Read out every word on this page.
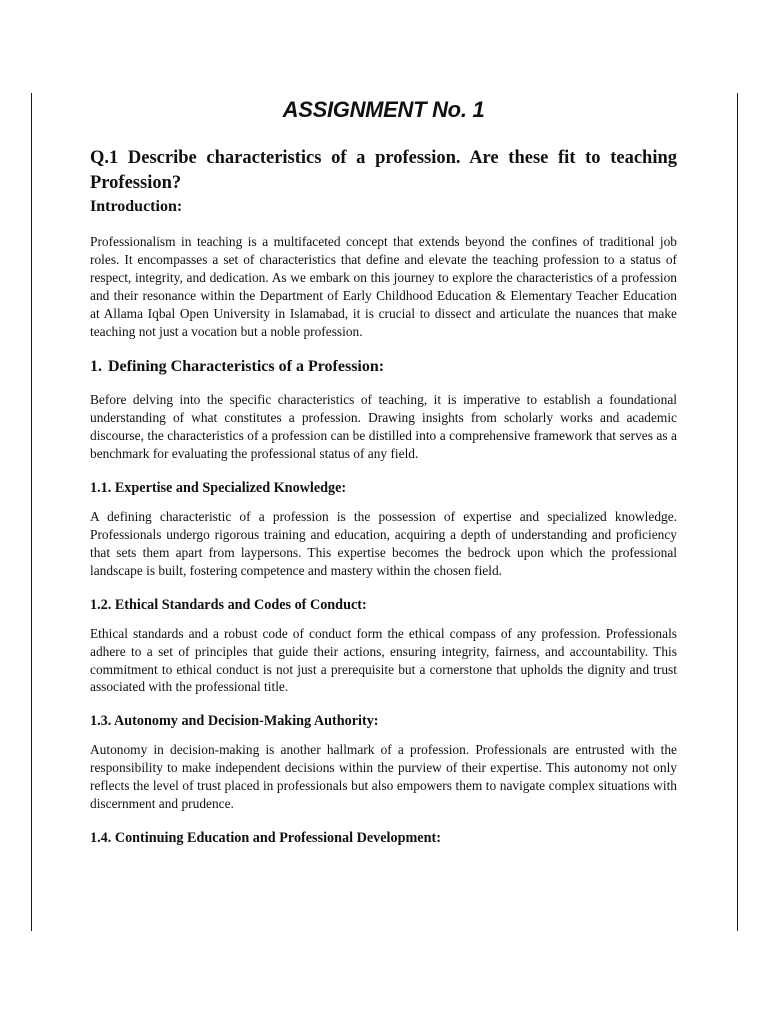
ASSIGNMENT No. 1
Q.1 Describe characteristics of a profession. Are these fit to teaching Profession?
Introduction:

Professionalism in teaching is a multifaceted concept that extends beyond the confines of traditional job roles. It encompasses a set of characteristics that define and elevate the teaching profession to a status of respect, integrity, and dedication. As we embark on this journey to explore the characteristics of a profession and their resonance within the Department of Early Childhood Education & Elementary Teacher Education at Allama Iqbal Open University in Islamabad, it is crucial to dissect and articulate the nuances that make teaching not just a vocation but a noble profession.

1. Defining Characteristics of a Profession:

Before delving into the specific characteristics of teaching, it is imperative to establish a foundational understanding of what constitutes a profession. Drawing insights from scholarly works and academic discourse, the characteristics of a profession can be distilled into a comprehensive framework that serves as a benchmark for evaluating the professional status of any field.

1.1. Expertise and Specialized Knowledge:

A defining characteristic of a profession is the possession of expertise and specialized knowledge. Professionals undergo rigorous training and education, acquiring a depth of understanding and proficiency that sets them apart from laypersons. This expertise becomes the bedrock upon which the professional landscape is built, fostering competence and mastery within the chosen field.

1.2. Ethical Standards and Codes of Conduct:

Ethical standards and a robust code of conduct form the ethical compass of any profession. Professionals adhere to a set of principles that guide their actions, ensuring integrity, fairness, and accountability. This commitment to ethical conduct is not just a prerequisite but a cornerstone that upholds the dignity and trust associated with the professional title.

1.3. Autonomy and Decision-Making Authority:

Autonomy in decision-making is another hallmark of a profession. Professionals are entrusted with the responsibility to make independent decisions within the purview of their expertise. This autonomy not only reflects the level of trust placed in professionals but also empowers them to navigate complex situations with discernment and prudence.

1.4. Continuing Education and Professional Development:
